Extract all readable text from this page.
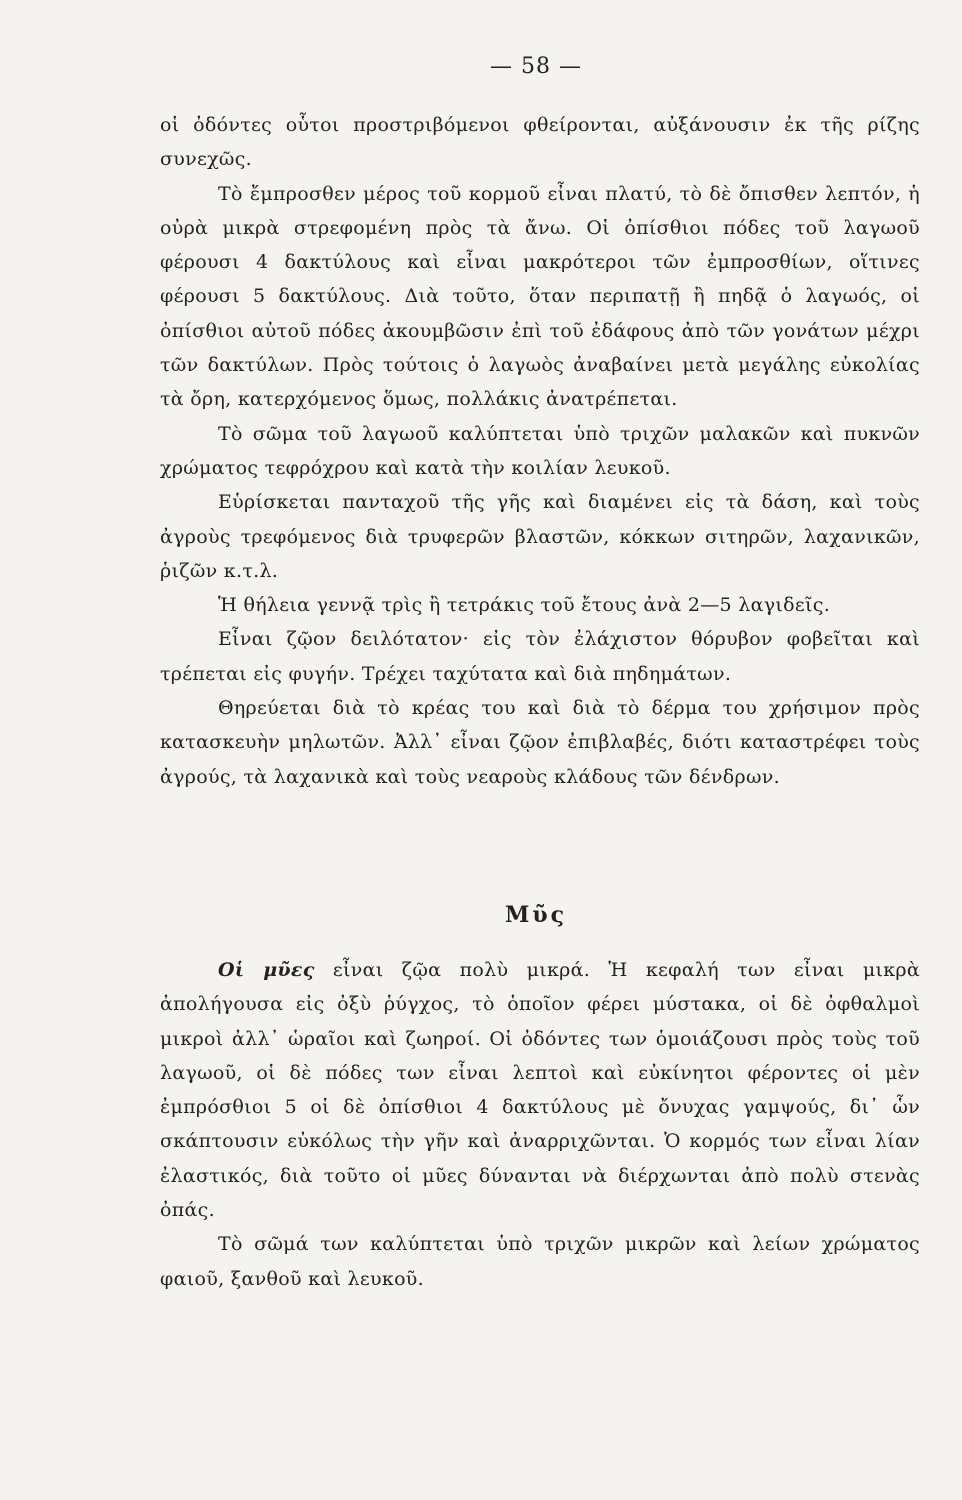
— 58 —

οἱ ὀδόντες οὗτοι προστριβόμενοι φθείρονται, αὐξάνουσιν ἐκ τῆς ρίζης συνεχῶς.

Τὸ ἔμπροσθεν μέρος τοῦ κορμοῦ εἶναι πλατύ, τὸ δὲ ὄπισθεν λεπτόν, ἡ οὐρὰ μικρὰ στρεφομένη πρὸς τὰ ἄνω. Οἱ ὀπίσθιοι πόδες τοῦ λαγωοῦ φέρουσι 4 δακτύλους καὶ εἶναι μακρότεροι τῶν ἐμπροσθίων, οἵτινες φέρουσι 5 δακτύλους. Διὰ τοῦτο, ὅταν περιπατῇ ἢ πηδᾷ ὁ λαγωός, οἱ ὀπίσθιοι αὐτοῦ πόδες ἀκουμβῶσιν ἐπὶ τοῦ ἐδάφους ἀπὸ τῶν γονάτων μέχρι τῶν δακτύλων. Πρὸς τούτοις ὁ λαγωὸς ἀναβαίνει μετὰ μεγάλης εὐκολίας τὰ ὄρη, κατερχόμενος ὅμως, πολλάκις ἀνατρέπεται.

Τὸ σῶμα τοῦ λαγωοῦ καλύπτεται ὑπὸ τριχῶν μαλακῶν καὶ πυκνῶν χρώματος τεφρόχρου καὶ κατὰ τὴν κοιλίαν λευκοῦ.

Εὑρίσκεται πανταχοῦ τῆς γῆς καὶ διαμένει εἰς τὰ δάση, καὶ τοὺς ἀγροὺς τρεφόμενος διὰ τρυφερῶν βλαστῶν, κόκκων σιτηρῶν, λαχανικῶν, ῥιζῶν κ.τ.λ.

Ἡ θήλεια γεννᾷ τρὶς ἢ τετράκις τοῦ ἔτους ἀνὰ 2—5 λαγιδεῖς.

Εἶναι ζῷον δειλότατον· εἰς τὸν ἐλάχιστον θόρυβον φοβεῖται καὶ τρέπεται εἰς φυγήν. Τρέχει ταχύτατα καὶ διὰ πηδημάτων.

Θηρεύεται διὰ τὸ κρέας του καὶ διὰ τὸ δέρμα του χρήσιμον πρὸς κατασκευὴν μηλωτῶν. Ἀλλ᾽ εἶναι ζῷον ἐπιβλαβές, διότι καταστρέφει τοὺς ἀγρούς, τὰ λαχανικὰ καὶ τοὺς νεαροὺς κλάδους τῶν δένδρων.

Μῦς

Οἱ μῦες εἶναι ζῷα πολὺ μικρά. Ἡ κεφαλή των εἶναι μικρὰ ἀπολήγουσα εἰς ὀξὺ ῥύγχος, τὸ ὁποῖον φέρει μύστακα, οἱ δὲ ὀφθαλμοὶ μικροὶ ἀλλ᾽ ὡραῖοι καὶ ζωηροί. Οἱ ὀδόντες των ὁμοιάζουσι πρὸς τοὺς τοῦ λαγωοῦ, οἱ δὲ πόδες των εἶναι λεπτοὶ καὶ εὐκίνητοι φέροντες οἱ μὲν ἐμπρόσθιοι 5 οἱ δὲ ὀπίσθιοι 4 δακτύλους μὲ ὄνυχας γαμψούς, δι᾽ ὧν σκάπτουσιν εὐκόλως τὴν γῆν καὶ ἀναρριχῶνται. Ὁ κορμός των εἶναι λίαν ἐλαστικός, διὰ τοῦτο οἱ μῦες δύνανται νὰ διέρχωνται ἀπὸ πολὺ στενὰς ὀπάς.

Τὸ σῶμά των καλύπτεται ὑπὸ τριχῶν μικρῶν καὶ λείων χρώματος φαιοῦ, ξανθοῦ καὶ λευκοῦ.
